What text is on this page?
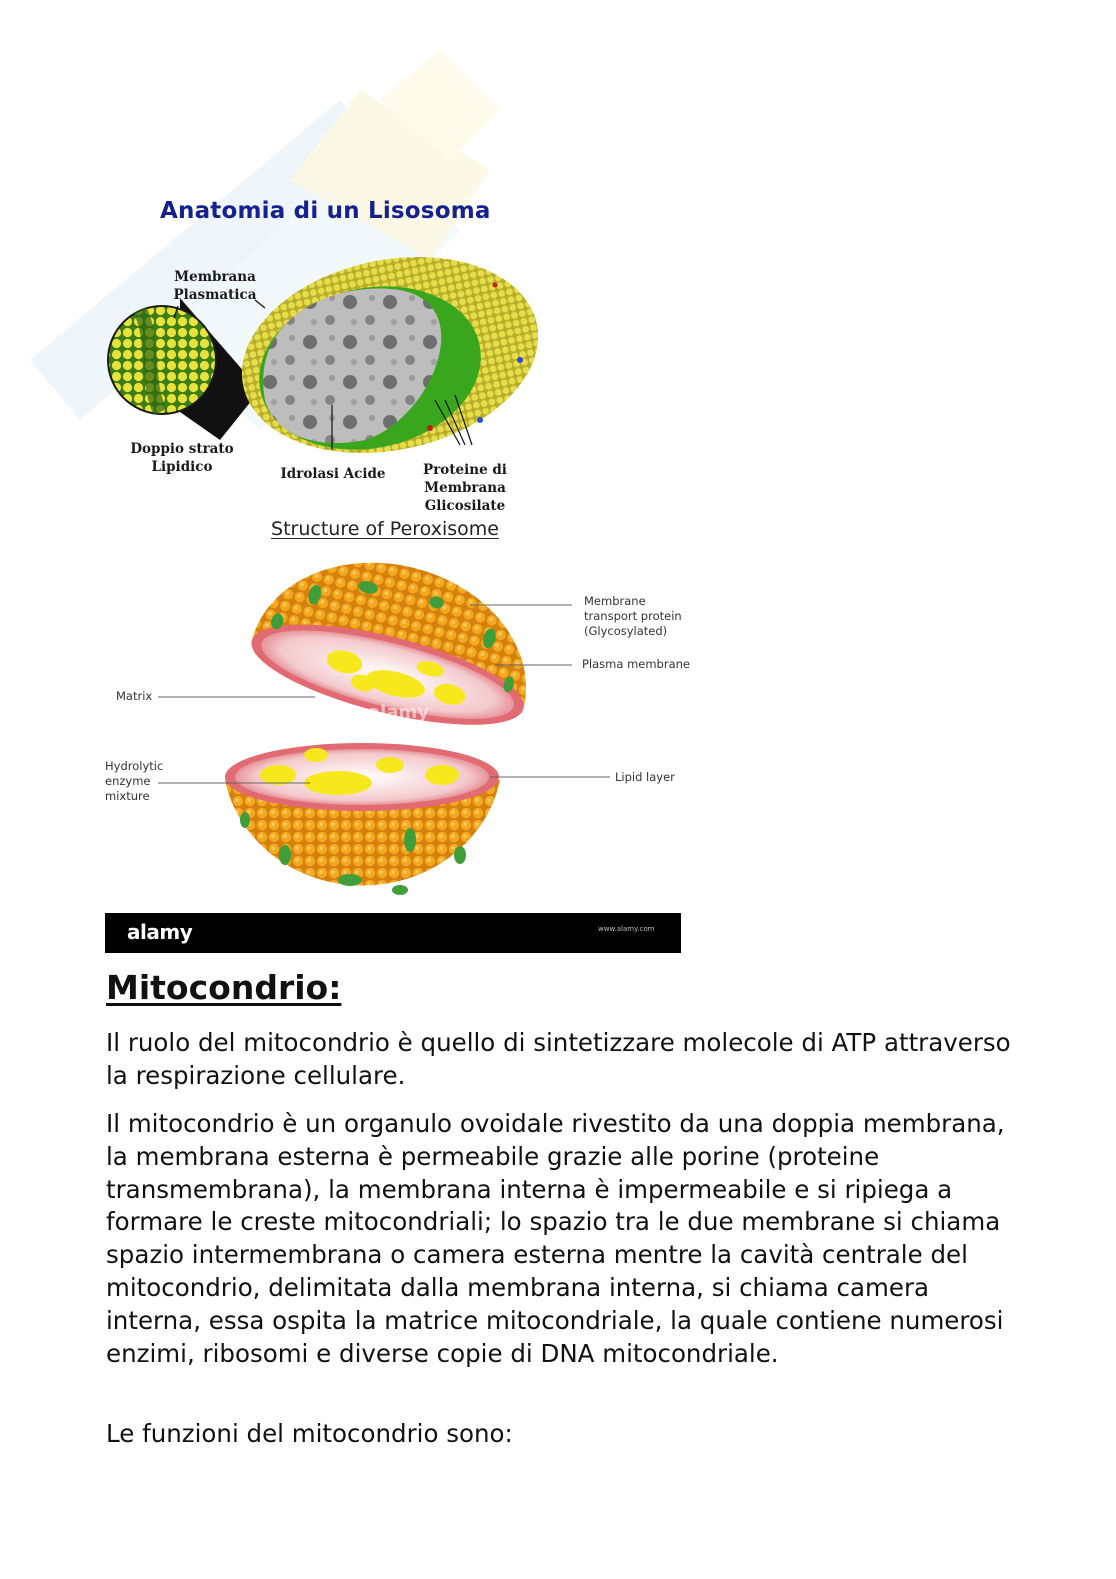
Anatomia di un Lisosoma
Membrana Plasmatica
Doppio strato Lipidico	Idrolasi Acide	Proteine di Membrana Glicosilate
Structure of Peroxisome
Membrane transport protein (Glycosylated)
Plasma membrane
Matrix
Hydrolytic enzyme mixture
Lipid layer
alamy
alamy	www.alamy.com
Mitocondrio:

Il ruolo del mitocondrio è quello di sintetizzare molecole di ATP attraverso la respirazione cellulare.

Il mitocondrio è un organulo ovoidale rivestito da una doppia membrana, la membrana esterna è permeabile grazie alle porine (proteine transmembrana), la membrana interna è impermeabile e si ripiega a formare le creste mitocondriali; lo spazio tra le due membrane si chiama spazio intermembrana o camera esterna mentre la cavità centrale del mitocondrio, delimitata dalla membrana interna, si chiama camera interna, essa ospita la matrice mitocondriale, la quale contiene numerosi enzimi, ribosomi e diverse copie di DNA mitocondriale.

Le funzioni del mitocondrio sono:
